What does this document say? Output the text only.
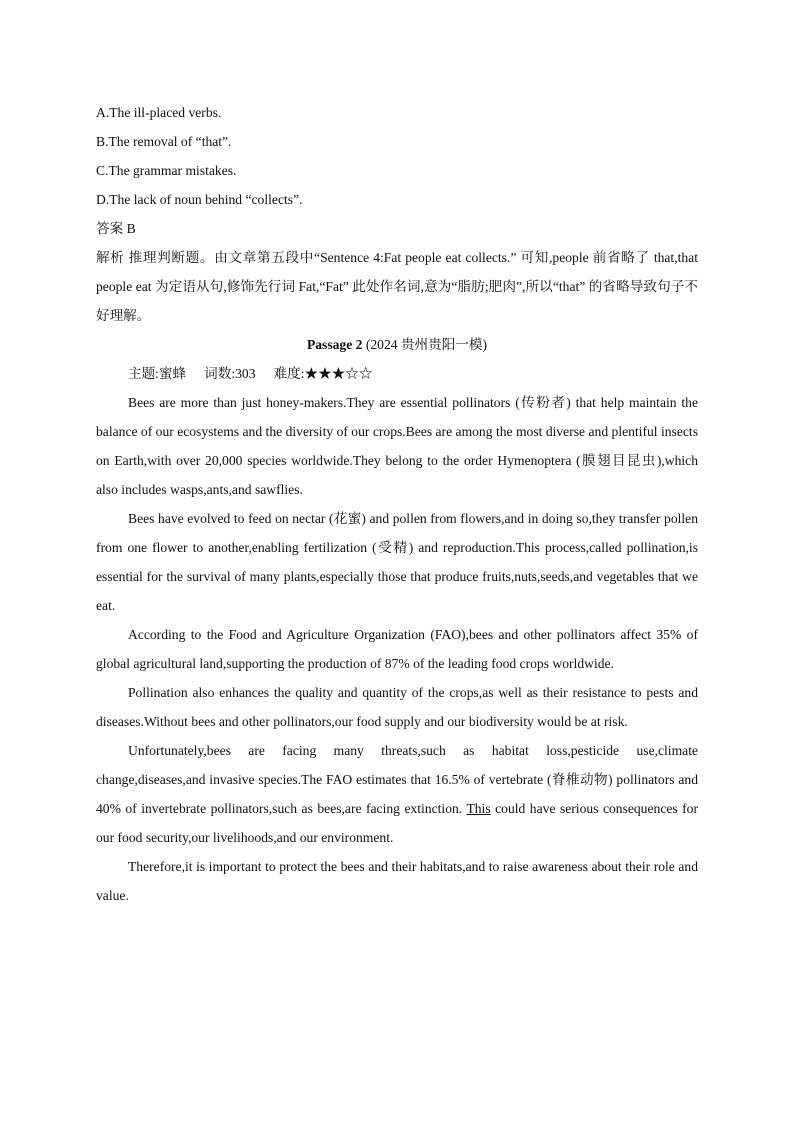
A.The ill-placed verbs.

B.The removal of “that”.

C.The grammar mistakes.

D.The lack of noun behind “collects”.

答案 B

解析 推理判断题。由文章第五段中“Sentence 4:Fat people eat collects.” 可知,people 前省略了 that,that people eat 为定语从句,修饰先行词 Fat,“Fat” 此处作名词,意为“脂肪;肥肉”,所以“that” 的省略导致句子不好理解。

Passage 2 (2024 贵州贵阳一模)

主题:蜜蜂 词数:303 难度:★★★☆☆

Bees are more than just honey-makers.They are essential pollinators (传粉者) that help maintain the balance of our ecosystems and the diversity of our crops.Bees are among the most diverse and plentiful insects on Earth,with over 20,000 species worldwide.They belong to the order Hymenoptera (膜翅目昆虫),which also includes wasps,ants,and sawflies.

Bees have evolved to feed on nectar (花蜜) and pollen from flowers,and in doing so,they transfer pollen from one flower to another,enabling fertilization (受精) and reproduction.This process,called pollination,is essential for the survival of many plants,especially those that produce fruits,nuts,seeds,and vegetables that we eat.

According to the Food and Agriculture Organization (FAO),bees and other pollinators affect 35% of global agricultural land,supporting the production of 87% of the leading food crops worldwide.

Pollination also enhances the quality and quantity of the crops,as well as their resistance to pests and diseases.Without bees and other pollinators,our food supply and our biodiversity would be at risk.

Unfortunately,bees are facing many threats,such as habitat loss,pesticide use,climate change,diseases,and invasive species.The FAO estimates that 16.5% of vertebrate (脊椎动物) pollinators and 40% of invertebrate pollinators,such as bees,are facing extinction. This could have serious consequences for our food security,our livelihoods,and our environment.

Therefore,it is important to protect the bees and their habitats,and to raise awareness about their role and value.
